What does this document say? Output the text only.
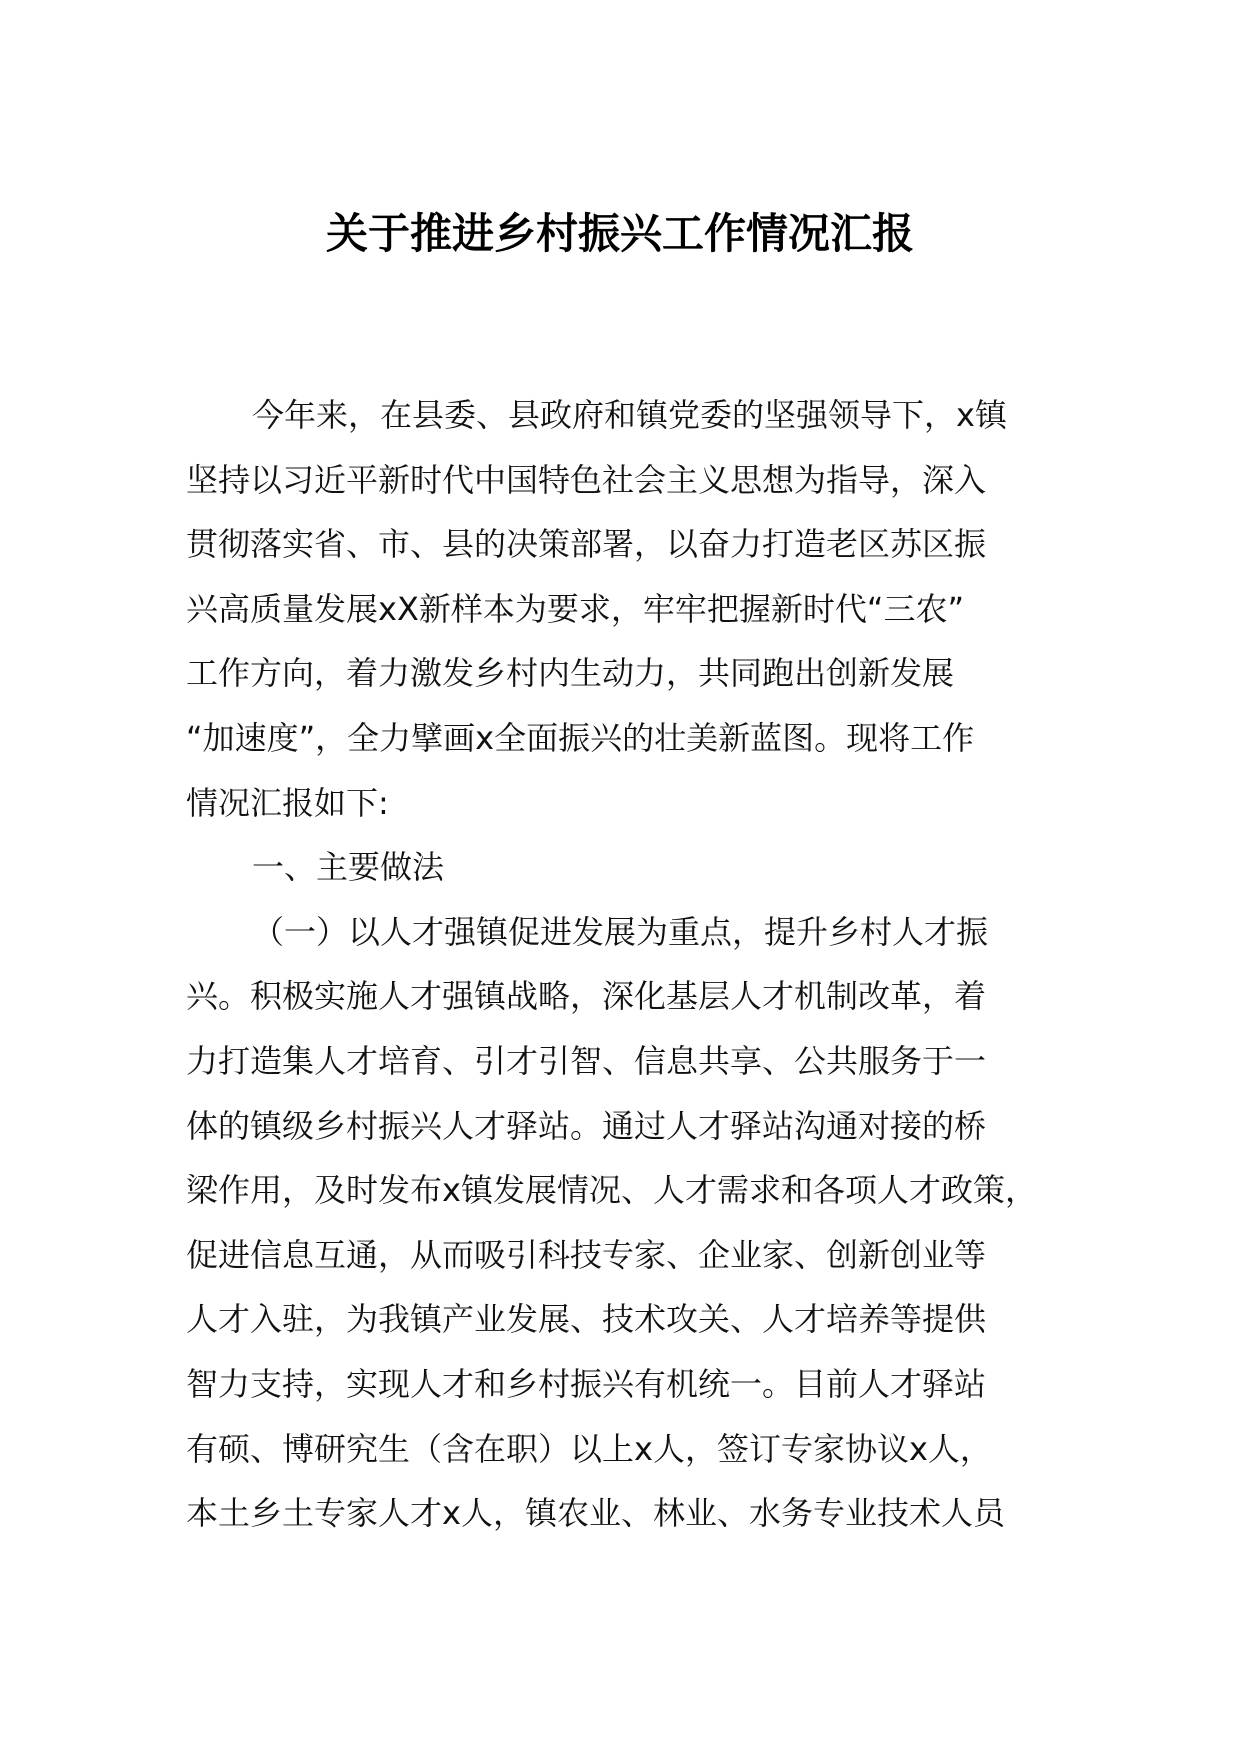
关于推进乡村振兴工作情况汇报
今年来，在县委、县政府和镇党委的坚强领导下，x镇
坚持以习近平新时代中国特色社会主义思想为指导，深入
贯彻落实省、市、县的决策部署，以奋力打造老区苏区振
兴高质量发展xX新样本为要求，牢牢把握新时代“三农”
工作方向，着力激发乡村内生动力，共同跑出创新发展
“加速度”，全力擘画x全面振兴的壮美新蓝图。现将工作
情况汇报如下:
一、主要做法
（一）以人才强镇促进发展为重点，提升乡村人才振
兴。积极实施人才强镇战略，深化基层人才机制改革，着
力打造集人才培育、引才引智、信息共享、公共服务于一
体的镇级乡村振兴人才驿站。通过人才驿站沟通对接的桥
梁作用，及时发布x镇发展情况、人才需求和各项人才政策，
促进信息互通，从而吸引科技专家、企业家、创新创业等
人才入驻，为我镇产业发展、技术攻关、人才培养等提供
智力支持，实现人才和乡村振兴有机统一。目前人才驿站
有硕、博研究生（含在职）以上x人，签订专家协议x人，
本土乡土专家人才x人，镇农业、林业、水务专业技术人员
